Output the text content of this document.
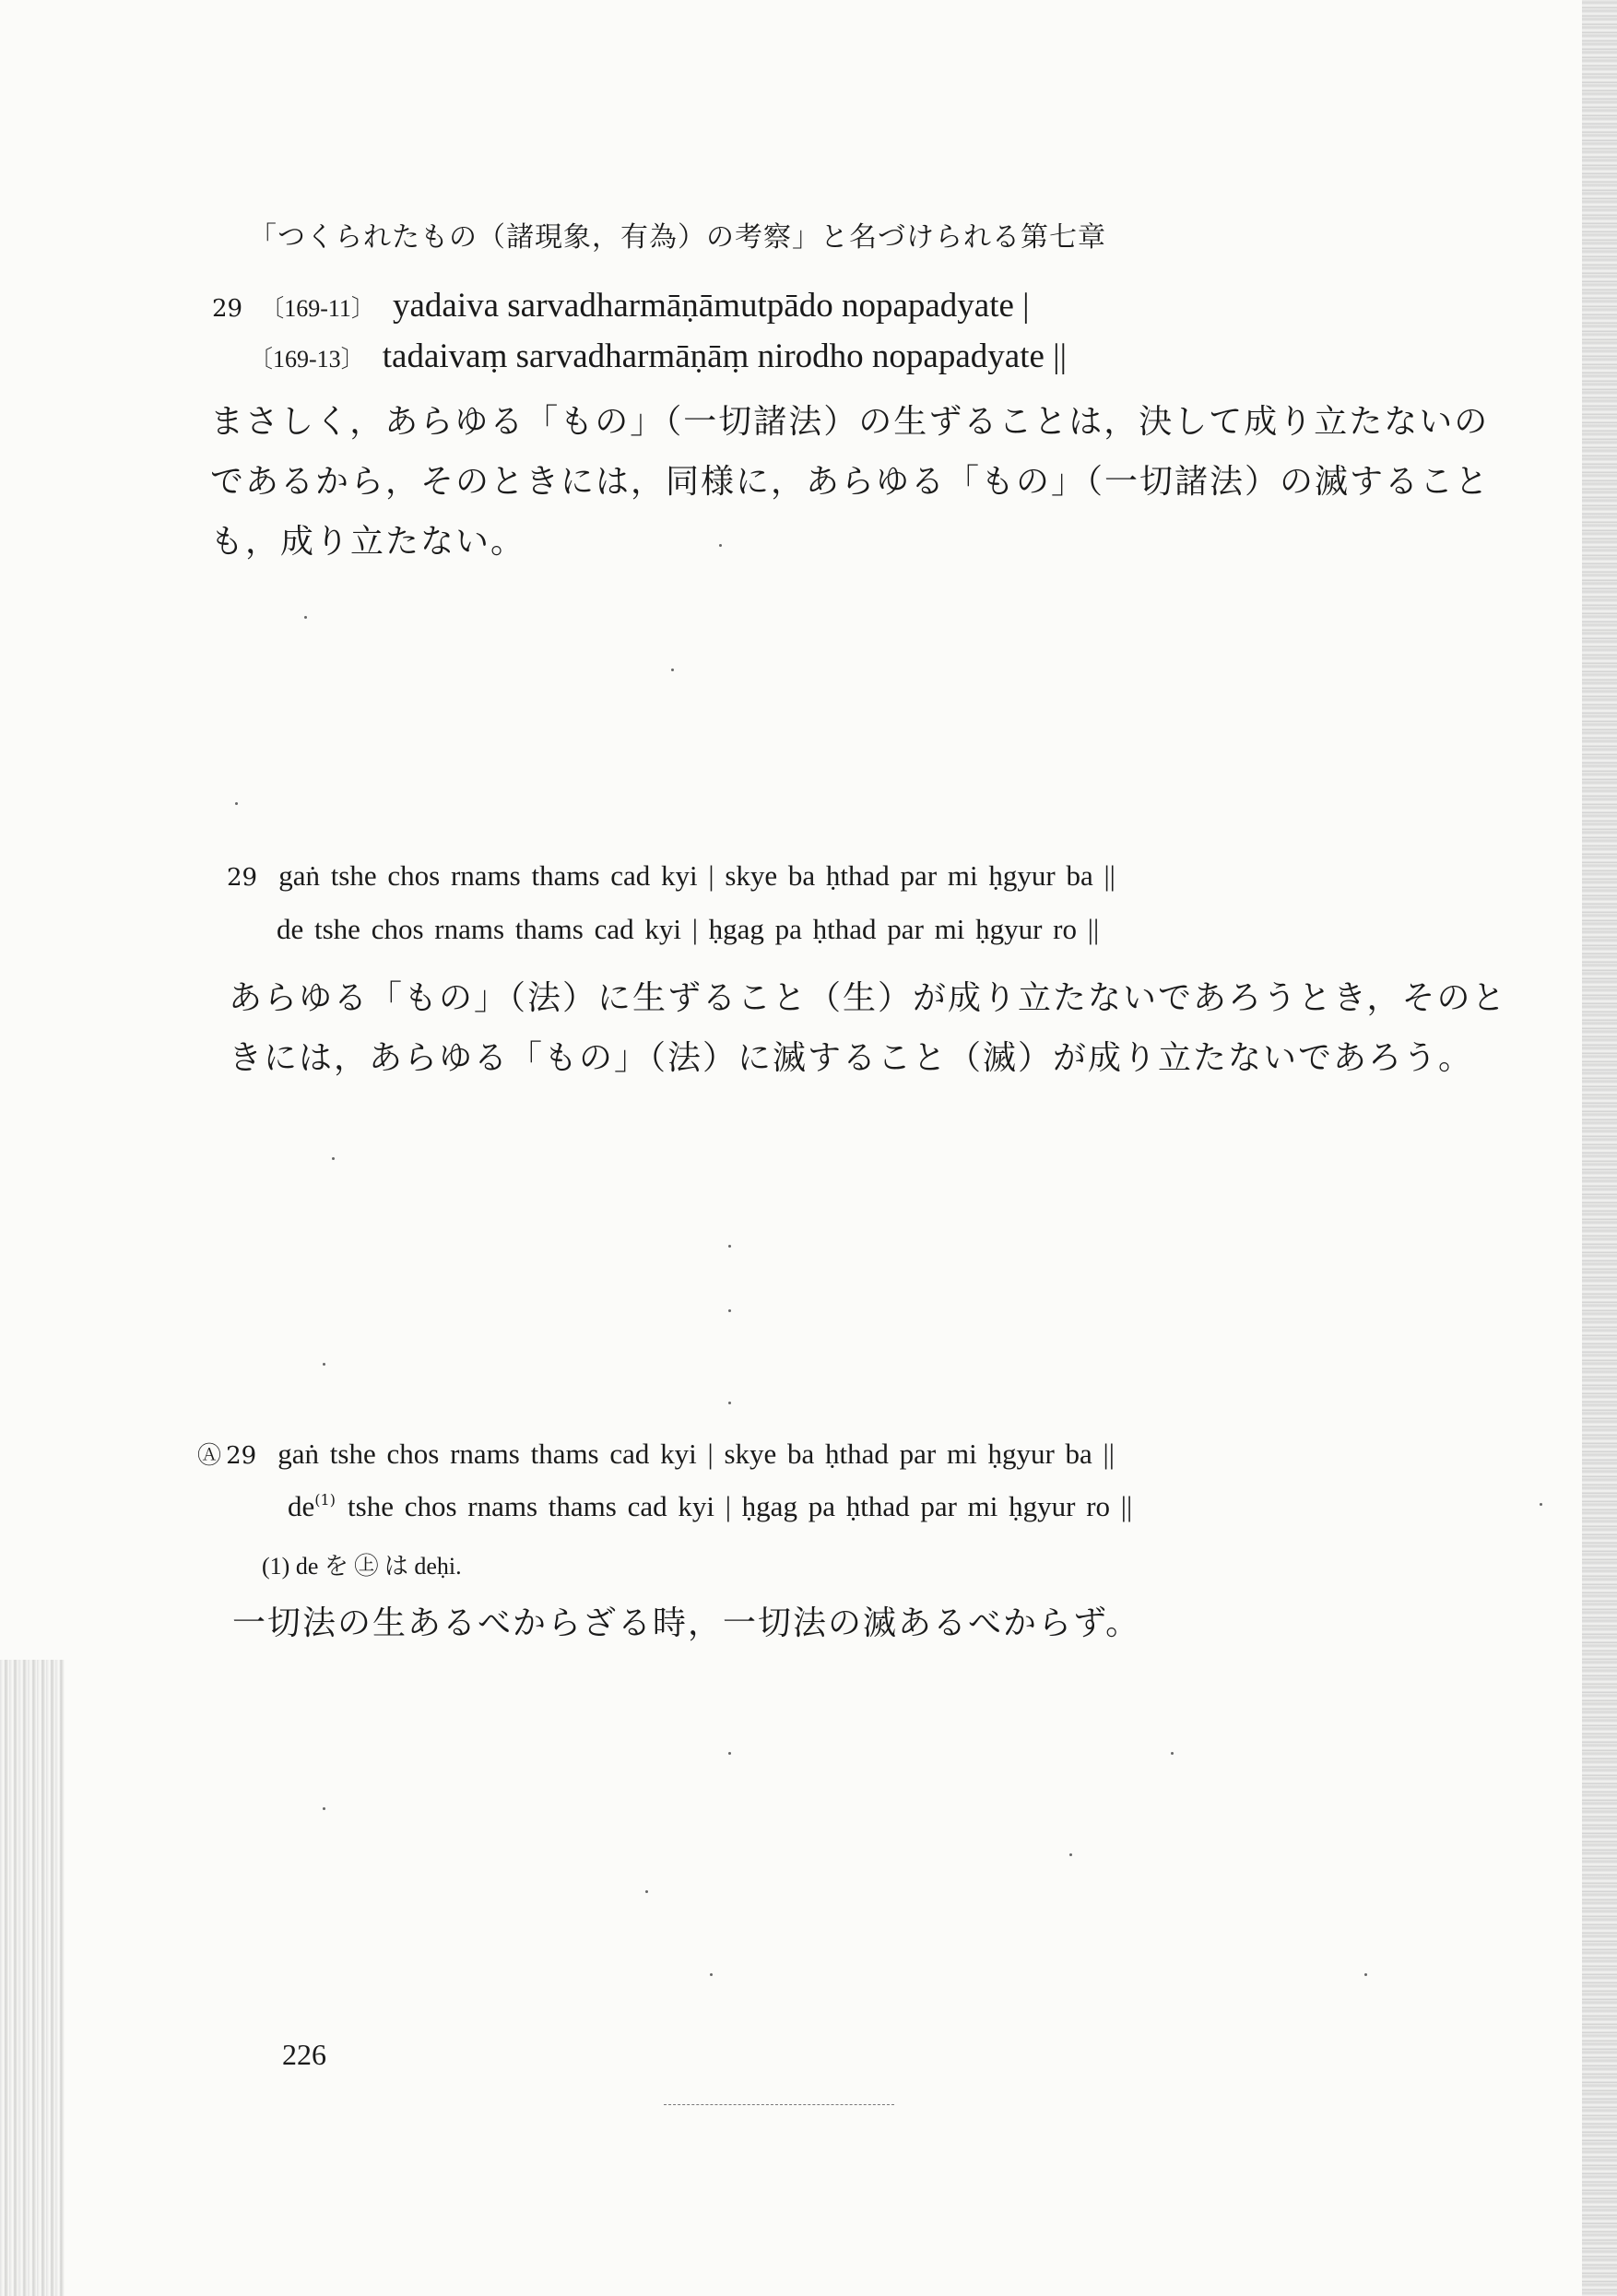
「つくられたもの（諸現象，有為）の考察」と名づけられる第七章
29 〔169-11〕 yadaiva sarvadharmāṇāmutpādo nopapadyate |
〔169-13〕 tadaivaṃ sarvadharmāṇāṃ nirodho nopapadyate ||
まさしく，あらゆる「もの」（一切諸法）の生ずることは，決して成り立たないの
であるから，そのときには，同様に，あらゆる「もの」（一切諸法）の滅すること
も，成り立たない。
29 gaṅ tshe chos rnams thams cad kyi | skye ba ḥthad par mi ḥgyur ba ||
de tshe chos rnams thams cad kyi | ḥgag pa ḥthad par mi ḥgyur ro ||
あらゆる「もの」（法）に生ずること（生）が成り立たないであろうとき，そのと
きには，あらゆる「もの」（法）に滅すること（滅）が成り立たないであろう。
Ⓐ 29 gaṅ tshe chos rnams thams cad kyi | skye ba ḥthad par mi ḥgyur ba ||
de(1) tshe chos rnams thams cad kyi | ḥgag pa ḥthad par mi ḥgyur ro ||
(1) de を ㊤ は deḥi.
一切法の生あるべからざる時，一切法の滅あるべからず。
226
